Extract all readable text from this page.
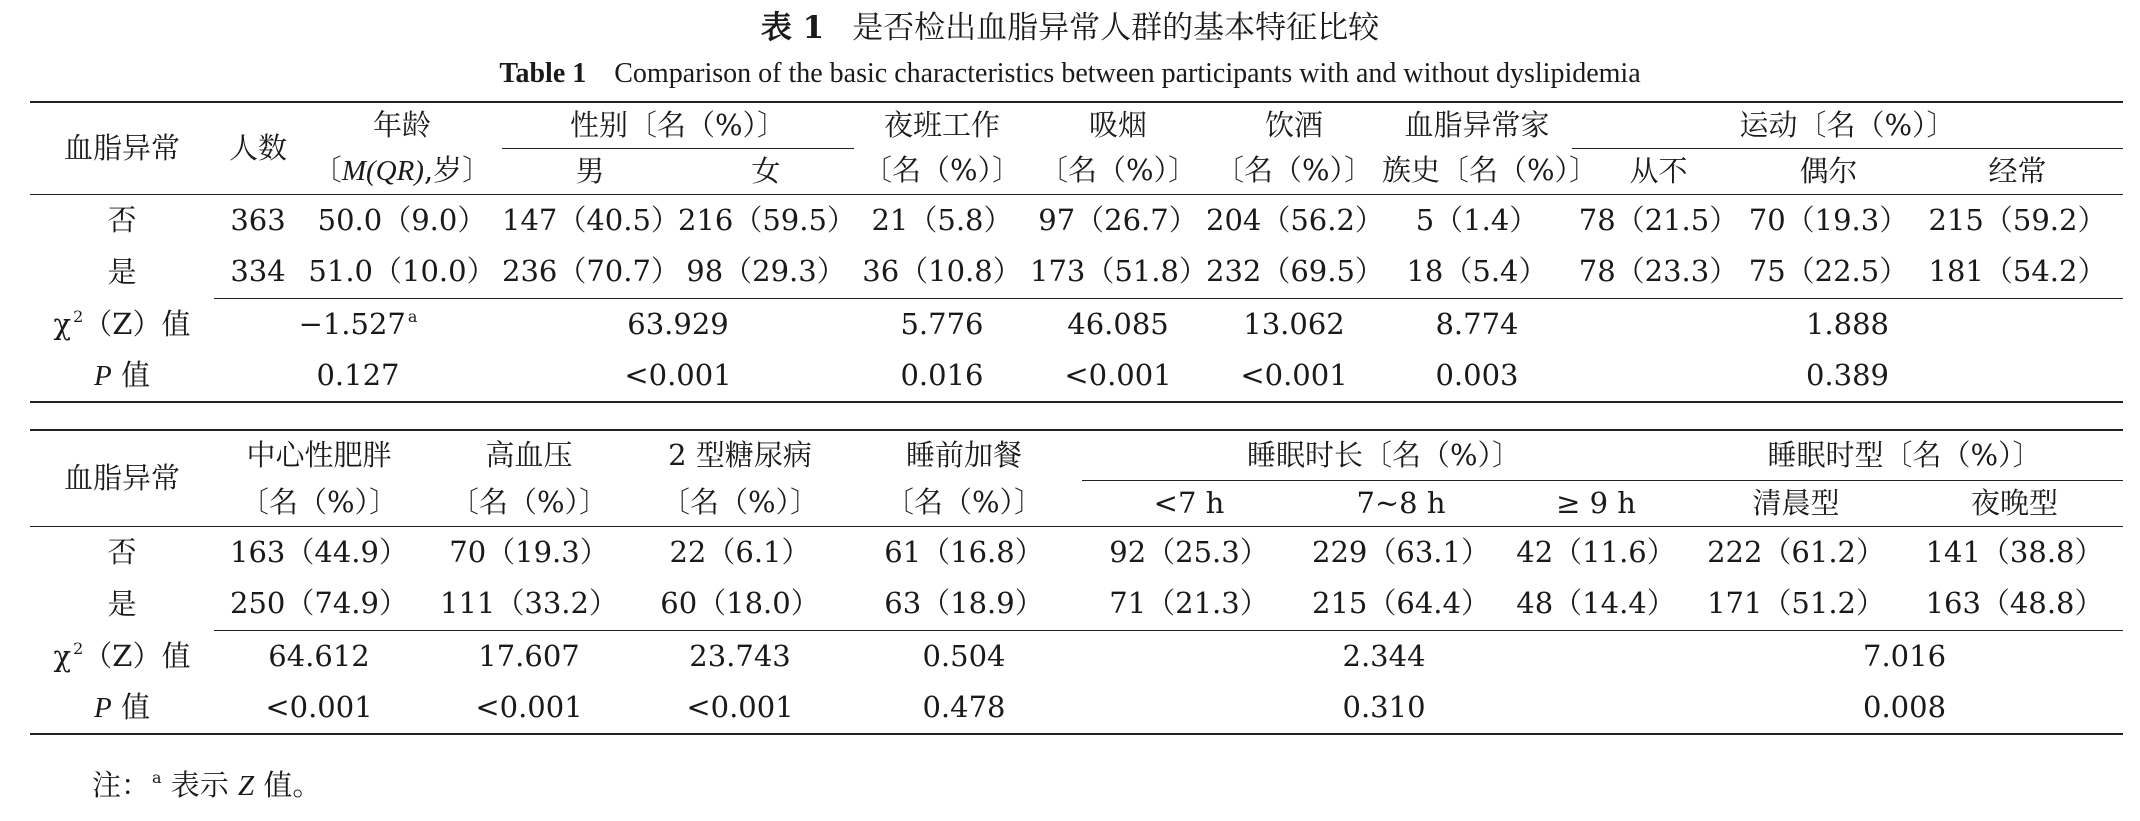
表 1 是否检出血脂异常人群的基本特征比较
Table 1 Comparison of the basic characteristics between participants with and without dyslipidemia
血脂异常	人数	年龄	性别〔名（%）〕		夜班工作	吸烟	饮酒	血脂异常家	运动〔名（%）〕		
		〔M(QR),岁〕	男	女	〔名（%）〕	〔名（%）〕	〔名（%）〕	族史〔名（%）〕	从不	偶尔	经常
否	363	50.0（9.0）	147（40.5）	216（59.5）	21（5.8）	97（26.7）	204（56.2）	5（1.4）	78（21.5）	70（19.3）	215（59.2）
是	334	51.0（10.0）	236（70.7）	98（29.3）	36（10.8）	173（51.8）	232（69.5）	18（5.4）	78（23.3）	75（22.5）	181（54.2）
χ $^2$（Z）值	−1.527 $^a$		63.929		5.776	46.085	13.062	8.774	1.888		
P 值	0.127		<0.001		0.016	<0.001	<0.001	0.003	0.389		
血脂异常	中心性肥胖	高血压	2 型糖尿病	睡前加餐	睡眠时长〔名（%）〕			睡眠时型〔名（%）〕	
	〔名（%）〕	〔名（%）〕	〔名（%）〕	〔名（%）〕	<7 h	7~8 h	≥ 9 h	清晨型	夜晚型
否	163（44.9）	70（19.3）	22（6.1）	61（16.8）	92（25.3）	229（63.1）	42（11.6）	222（61.2）	141（38.8）
是	250（74.9）	111（33.2）	60（18.0）	63（18.9）	71（21.3）	215（64.4）	48（14.4）	171（51.2）	163（48.8）
χ $^2$（Z）值	64.612	17.607	23.743	0.504	2.344			7.016	
P 值	<0.001	<0.001	<0.001	0.478	0.310			0.008	
注： $^a$ 表示 Z 值。
